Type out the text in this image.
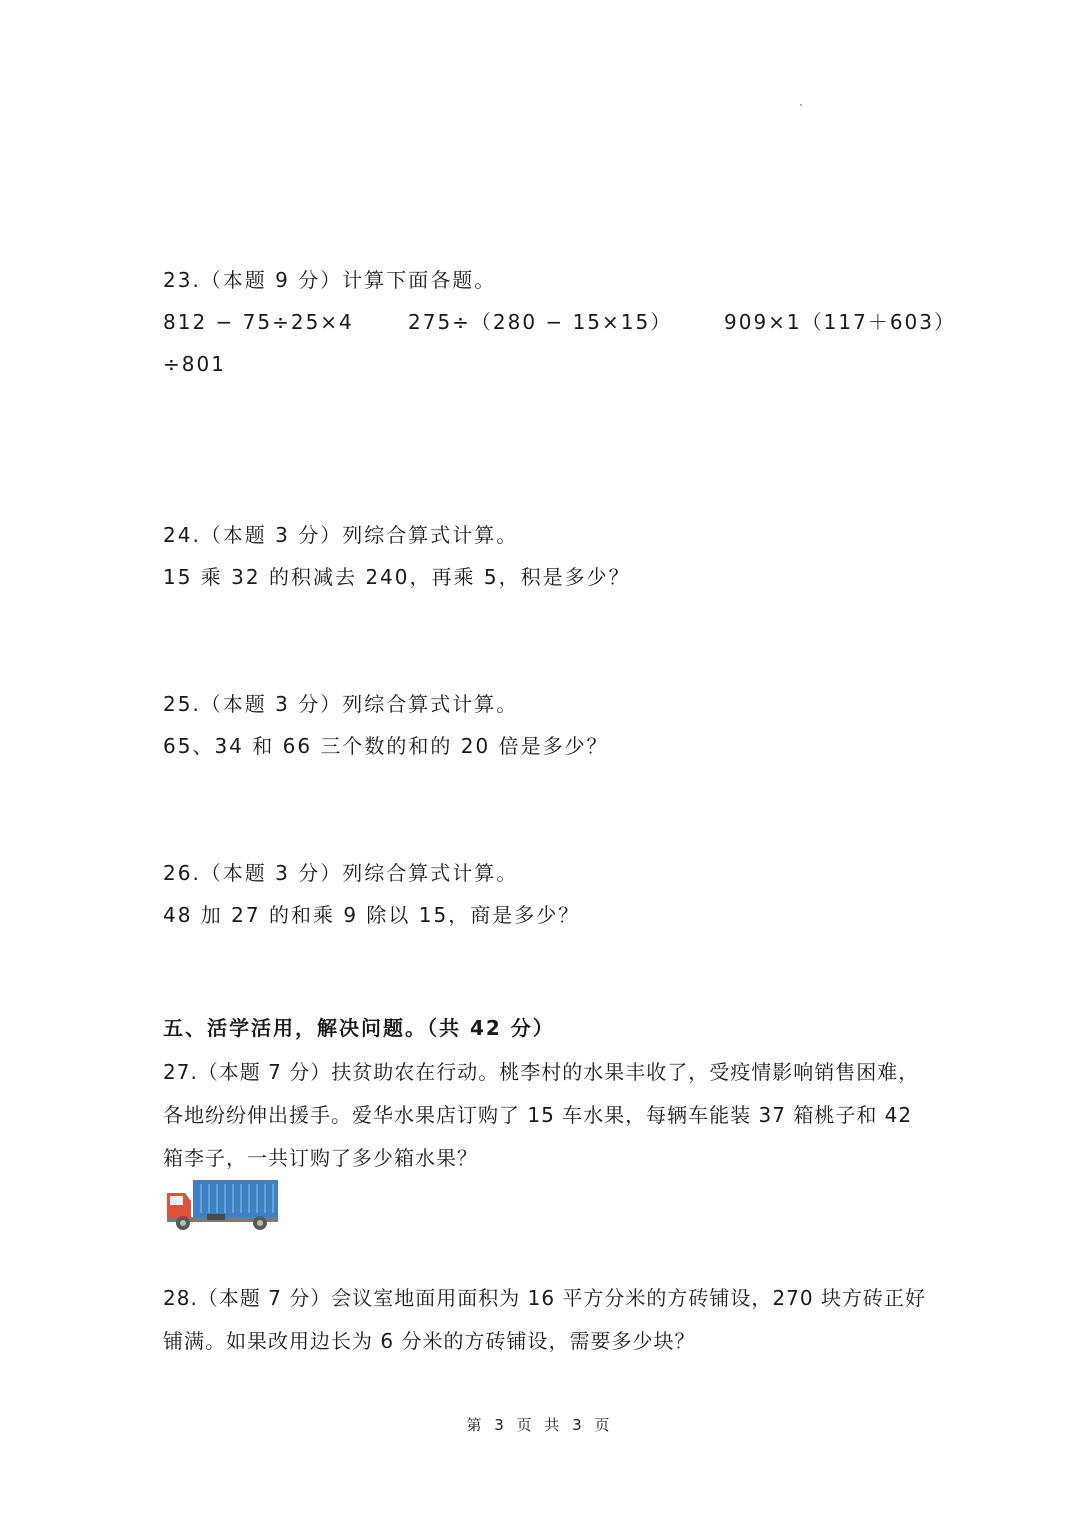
23.（本题 9 分）计算下面各题。
812 − 75÷25×4	275÷（280 − 15×15）	909×1（117＋603）
÷801
24.（本题 3 分）列综合算式计算。
15 乘 32 的积减去 240，再乘 5，积是多少？
25.（本题 3 分）列综合算式计算。
65、34 和 66 三个数的和的 20 倍是多少？
26.（本题 3 分）列综合算式计算。
48 加 27 的和乘 9 除以 15，商是多少？
五、活学活用，解决问题。（共 42 分）
27.（本题 7 分）扶贫助农在行动。桃李村的水果丰收了，受疫情影响销售困难，
各地纷纷伸出援手。爱华水果店订购了 15 车水果，每辆车能装 37 箱桃子和 42
箱李子，一共订购了多少箱水果？
28.（本题 7 分）会议室地面用面积为 16 平方分米的方砖铺设，270 块方砖正好
铺满。如果改用边长为 6 分米的方砖铺设，需要多少块？
第 3 页 共 3 页
